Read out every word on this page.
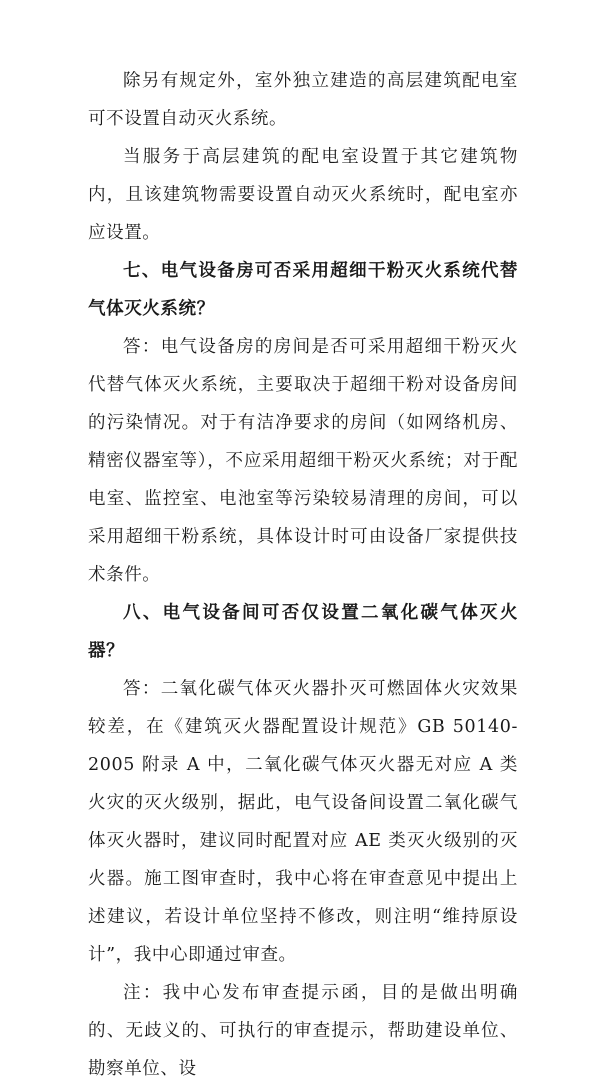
除另有规定外，室外独立建造的高层建筑配电室可不设置自动灭火系统。

当服务于高层建筑的配电室设置于其它建筑物内，且该建筑物需要设置自动灭火系统时，配电室亦应设置。

七、电气设备房可否采用超细干粉灭火系统代替气体灭火系统？

答：电气设备房的房间是否可采用超细干粉灭火代替气体灭火系统，主要取决于超细干粉对设备房间的污染情况。对于有洁净要求的房间（如网络机房、精密仪器室等），不应采用超细干粉灭火系统；对于配电室、监控室、电池室等污染较易清理的房间，可以采用超细干粉系统，具体设计时可由设备厂家提供技术条件。

八、电气设备间可否仅设置二氧化碳气体灭火器？

答：二氧化碳气体灭火器扑灭可燃固体火灾效果较差，在《建筑灭火器配置设计规范》GB 50140-2005 附录 A 中，二氧化碳气体灭火器无对应 A 类火灾的灭火级别，据此，电气设备间设置二氧化碳气体灭火器时，建议同时配置对应 AE 类灭火级别的灭火器。施工图审查时，我中心将在审查意见中提出上述建议，若设计单位坚持不修改，则注明“维持原设计”，我中心即通过审查。

注：我中心发布审查提示函，目的是做出明确的、无歧义的、可执行的审查提示，帮助建设单位、勘察单位、设
